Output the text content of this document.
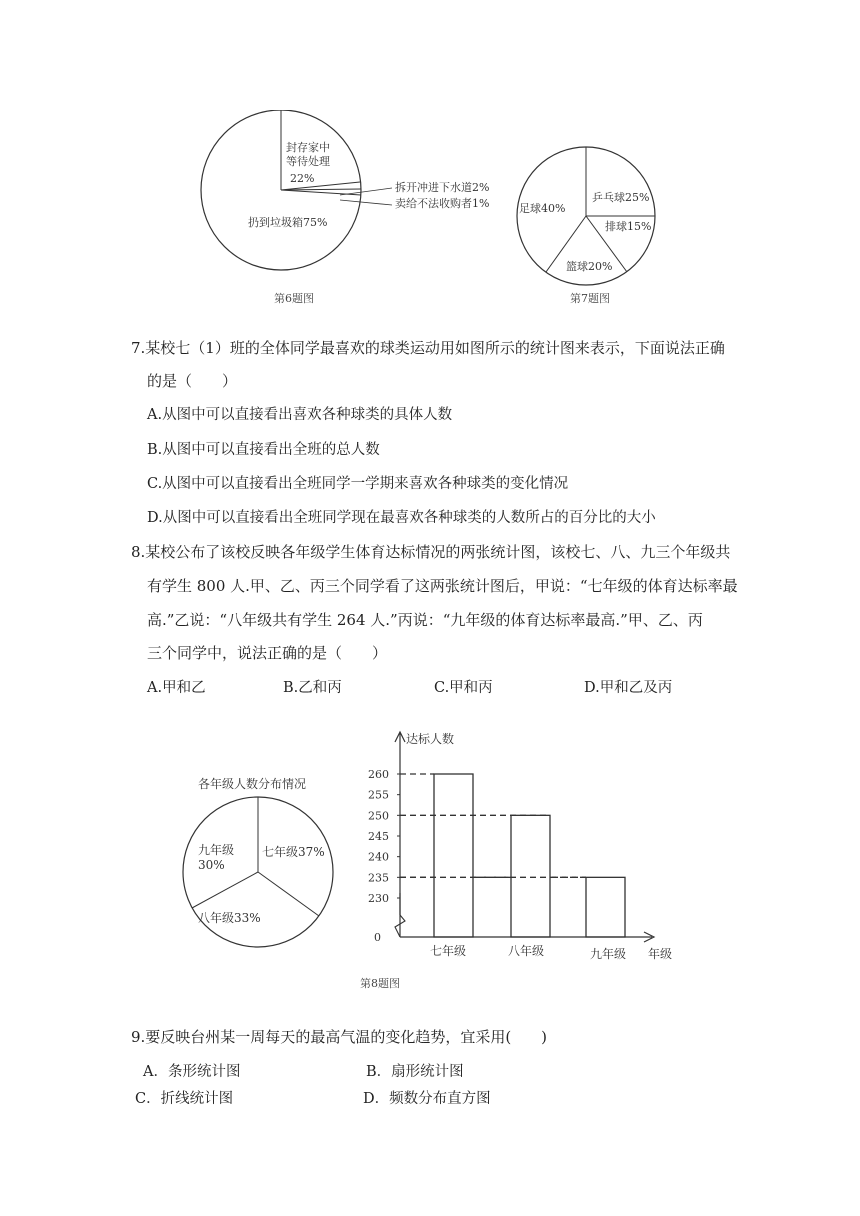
封存家中
等待处理
22%
拆开冲进下水道2%
卖给不法收购者1%
扔到垃圾箱75%
第6题图
乒乓球25%
排球15%
篮球20%
足球40%
第7题图
7.某校七（1）班的全体同学最喜欢的球类运动用如图所示的统计图来表示，下面说法正确
的是（　　）
A.从图中可以直接看出喜欢各种球类的具体人数
B.从图中可以直接看出全班的总人数
C.从图中可以直接看出全班同学一学期来喜欢各种球类的变化情况
D.从图中可以直接看出全班同学现在最喜欢各种球类的人数所占的百分比的大小
8.某校公布了该校反映各年级学生体育达标情况的两张统计图，该校七、八、九三个年级共
有学生 800 人.甲、乙、丙三个同学看了这两张统计图后，甲说：“七年级的体育达标率最
高.”乙说：“八年级共有学生 264 人.”丙说：“九年级的体育达标率最高.”甲、乙、丙
三个同学中，说法正确的是（　　）
A.甲和乙	B.乙和丙	C.甲和丙	D.甲和乙及丙
各年级人数分布情况
七年级37%
八年级33%
九年级
30%
达标人数
年级
0
230
235
240
245
250
255
260
七年级	八年级	九年级
第8题图
9.要反映台州某一周每天的最高气温的变化趋势，宜采用(　　)
A．条形统计图	B．扇形统计图
C．折线统计图	D．频数分布直方图
